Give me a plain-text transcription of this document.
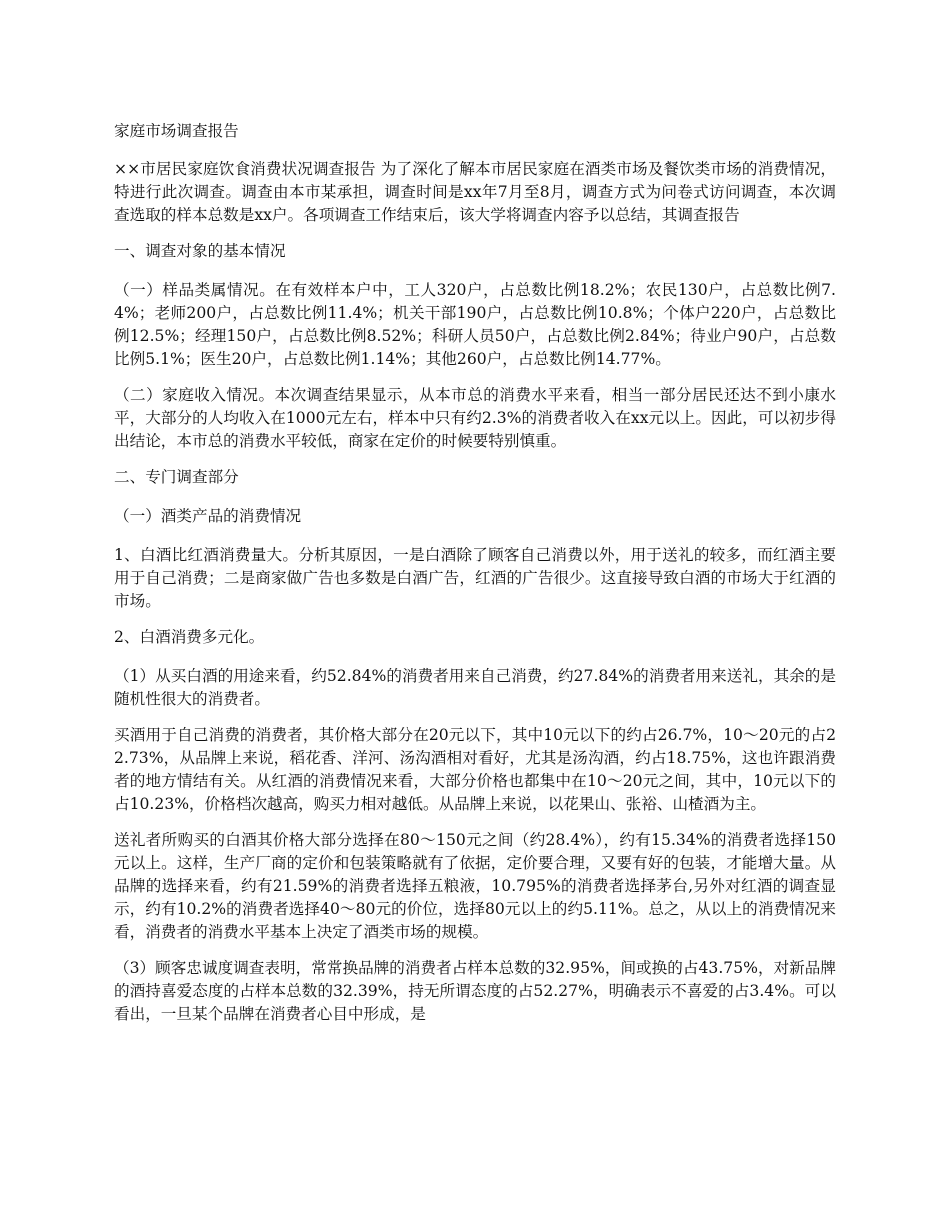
家庭市场调查报告

××市居民家庭饮食消费状况调查报告 为了深化了解本市居民家庭在酒类市场及餐饮类市场的消费情况，特进行此次调查。调查由本市某承担，调查时间是xx年7月至8月，调查方式为问卷式访问调查，本次调查选取的样本总数是xx户。各项调查工作结束后，该大学将调查内容予以总结，其调查报告

一、调查对象的基本情况

（一）样品类属情况。在有效样本户中，工人320户，占总数比例18.2%；农民130户，占总数比例7.4%；老师200户，占总数比例11.4%；机关干部190户，占总数比例10.8%；个体户220户，占总数比例12.5%；经理150户，占总数比例8.52%；科研人员50户，占总数比例2.84%；待业户90户，占总数比例5.1%；医生20户，占总数比例1.14%；其他260户，占总数比例14.77%。

（二）家庭收入情况。本次调查结果显示，从本市总的消费水平来看，相当一部分居民还达不到小康水平，大部分的人均收入在1000元左右，样本中只有约2.3%的消费者收入在xx元以上。因此，可以初步得出结论，本市总的消费水平较低，商家在定价的时候要特别慎重。

二、专门调查部分

（一）酒类产品的消费情况

1、白酒比红酒消费量大。分析其原因，一是白酒除了顾客自己消费以外，用于送礼的较多，而红酒主要用于自己消费；二是商家做广告也多数是白酒广告，红酒的广告很少。这直接导致白酒的市场大于红酒的市场。

2、白酒消费多元化。

（1）从买白酒的用途来看，约52.84%的消费者用来自己消费，约27.84%的消费者用来送礼，其余的是随机性很大的消费者。

买酒用于自己消费的消费者，其价格大部分在20元以下，其中10元以下的约占26.7%，10～20元的占22.73%，从品牌上来说，稻花香、洋河、汤沟酒相对看好，尤其是汤沟酒，约占18.75%，这也许跟消费者的地方情结有关。从红酒的消费情况来看，大部分价格也都集中在10～20元之间，其中，10元以下的占10.23%，价格档次越高，购买力相对越低。从品牌上来说，以花果山、张裕、山楂酒为主。

送礼者所购买的白酒其价格大部分选择在80～150元之间（约28.4%），约有15.34%的消费者选择150元以上。这样，生产厂商的定价和包装策略就有了依据，定价要合理，又要有好的包装，才能增大量。从品牌的选择来看，约有21.59%的消费者选择五粮液，10.795%的消费者选择茅台,另外对红酒的调查显示，约有10.2%的消费者选择40～80元的价位，选择80元以上的约5.11%。总之，从以上的消费情况来看，消费者的消费水平基本上决定了酒类市场的规模。

（3）顾客忠诚度调查表明，常常换品牌的消费者占样本总数的32.95%，间或换的占43.75%，对新品牌的酒持喜爱态度的占样本总数的32.39%，持无所谓态度的占52.27%，明确表示不喜爱的占3.4%。可以看出，一旦某个品牌在消费者心目中形成，是
